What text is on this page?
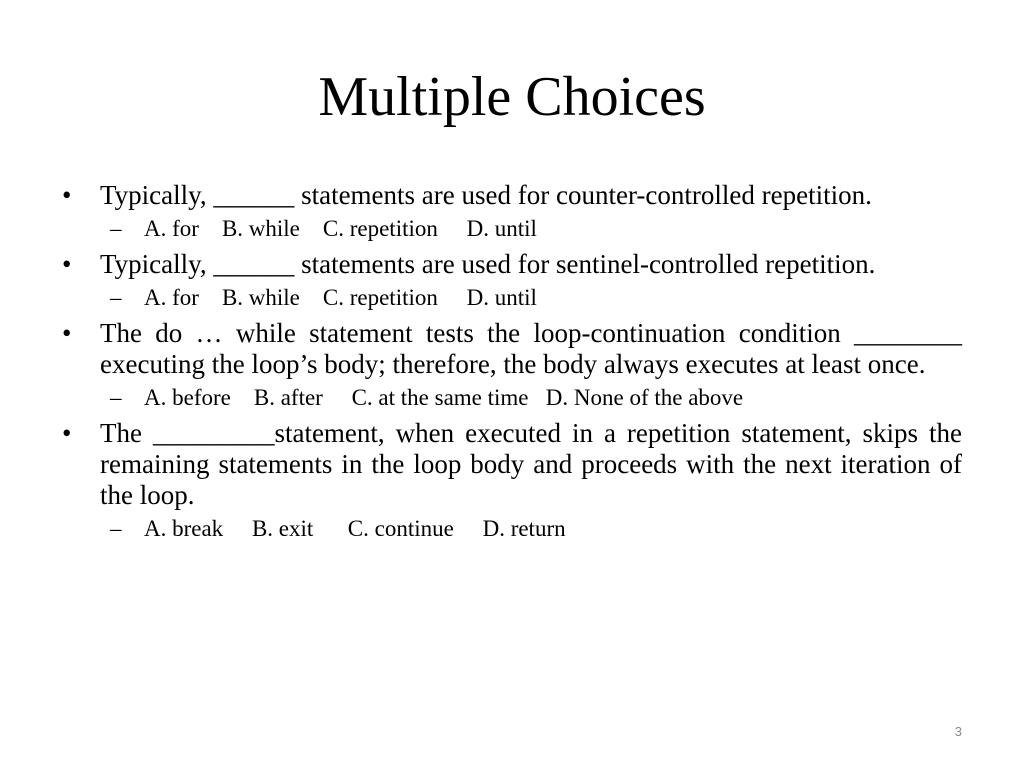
Multiple Choices
•	Typically, ______ statements are used for counter-controlled repetition.
– A. for B. while C. repetition D. until
•	Typically, ______ statements are used for sentinel-controlled repetition.
– A. for B. while C. repetition D. until
•	The do … while statement tests the loop-continuation condition ________ executing the loop’s body; therefore, the body always executes at least once.
– A. before B. after C. at the same time D. None of the above
•	The _________statement, when executed in a repetition statement, skips the remaining statements in the loop body and proceeds with the next iteration of the loop.
– A. break B. exit C. continue D. return
3
